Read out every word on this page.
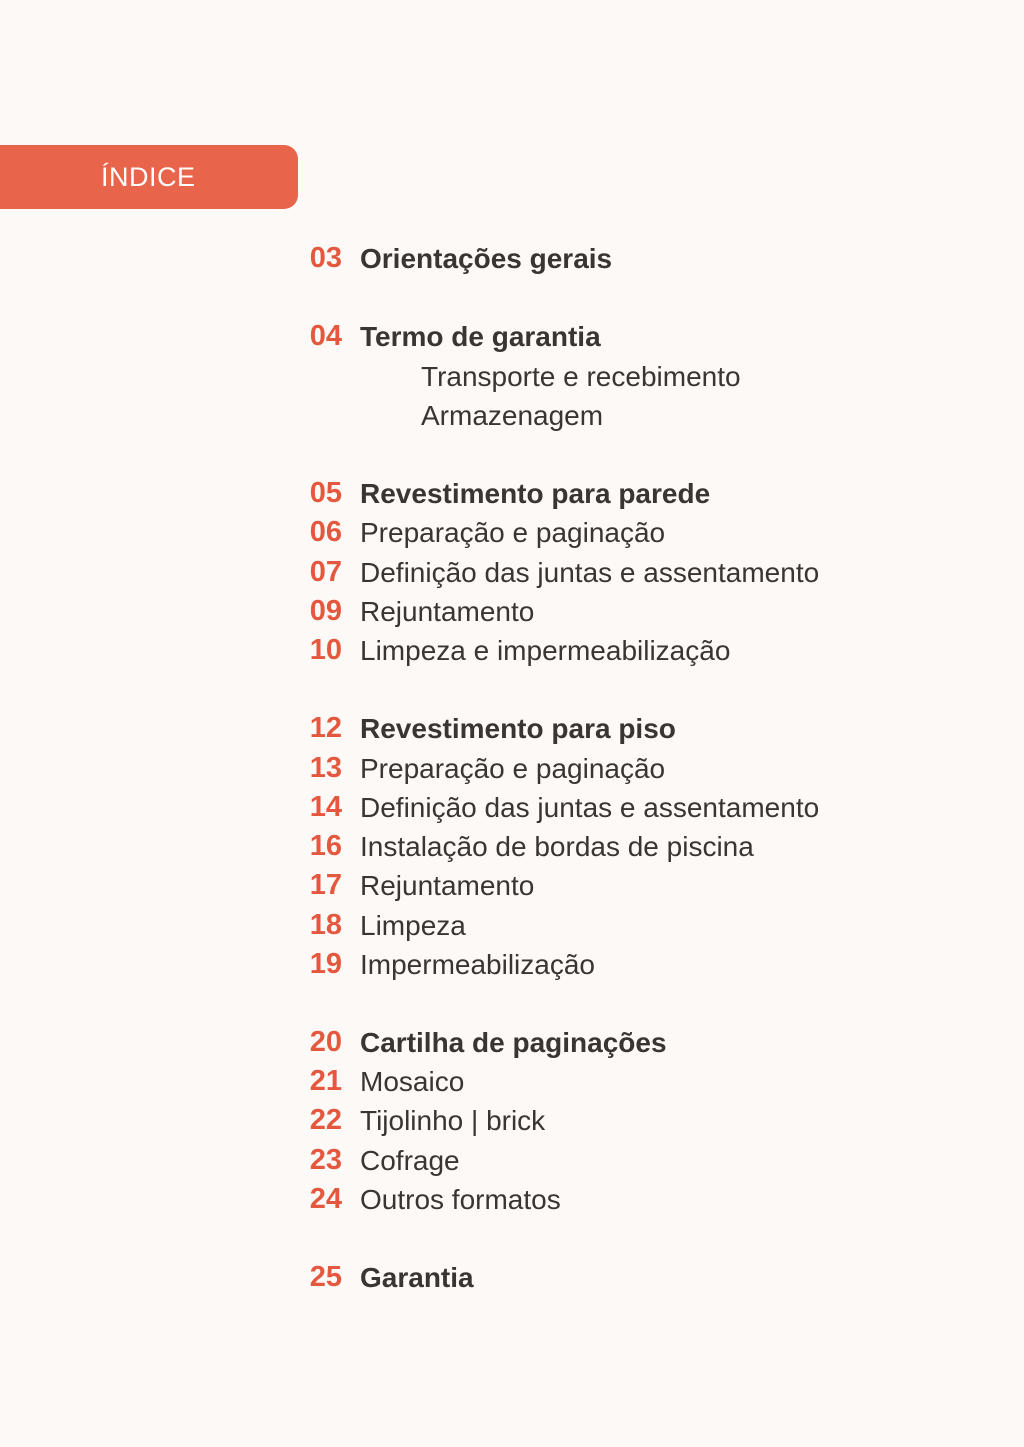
ÍNDICE
03 Orientações gerais
04 Termo de garantia
Transporte e recebimento
Armazenagem
05 Revestimento para parede
06 Preparação e paginação
07 Definição das juntas e assentamento
09 Rejuntamento
10 Limpeza e impermeabilização
12 Revestimento para piso
13 Preparação e paginação
14 Definição das juntas e assentamento
16 Instalação de bordas de piscina
17 Rejuntamento
18 Limpeza
19 Impermeabilização
20 Cartilha de paginações
21 Mosaico
22 Tijolinho | brick
23 Cofrage
24 Outros formatos
25 Garantia
